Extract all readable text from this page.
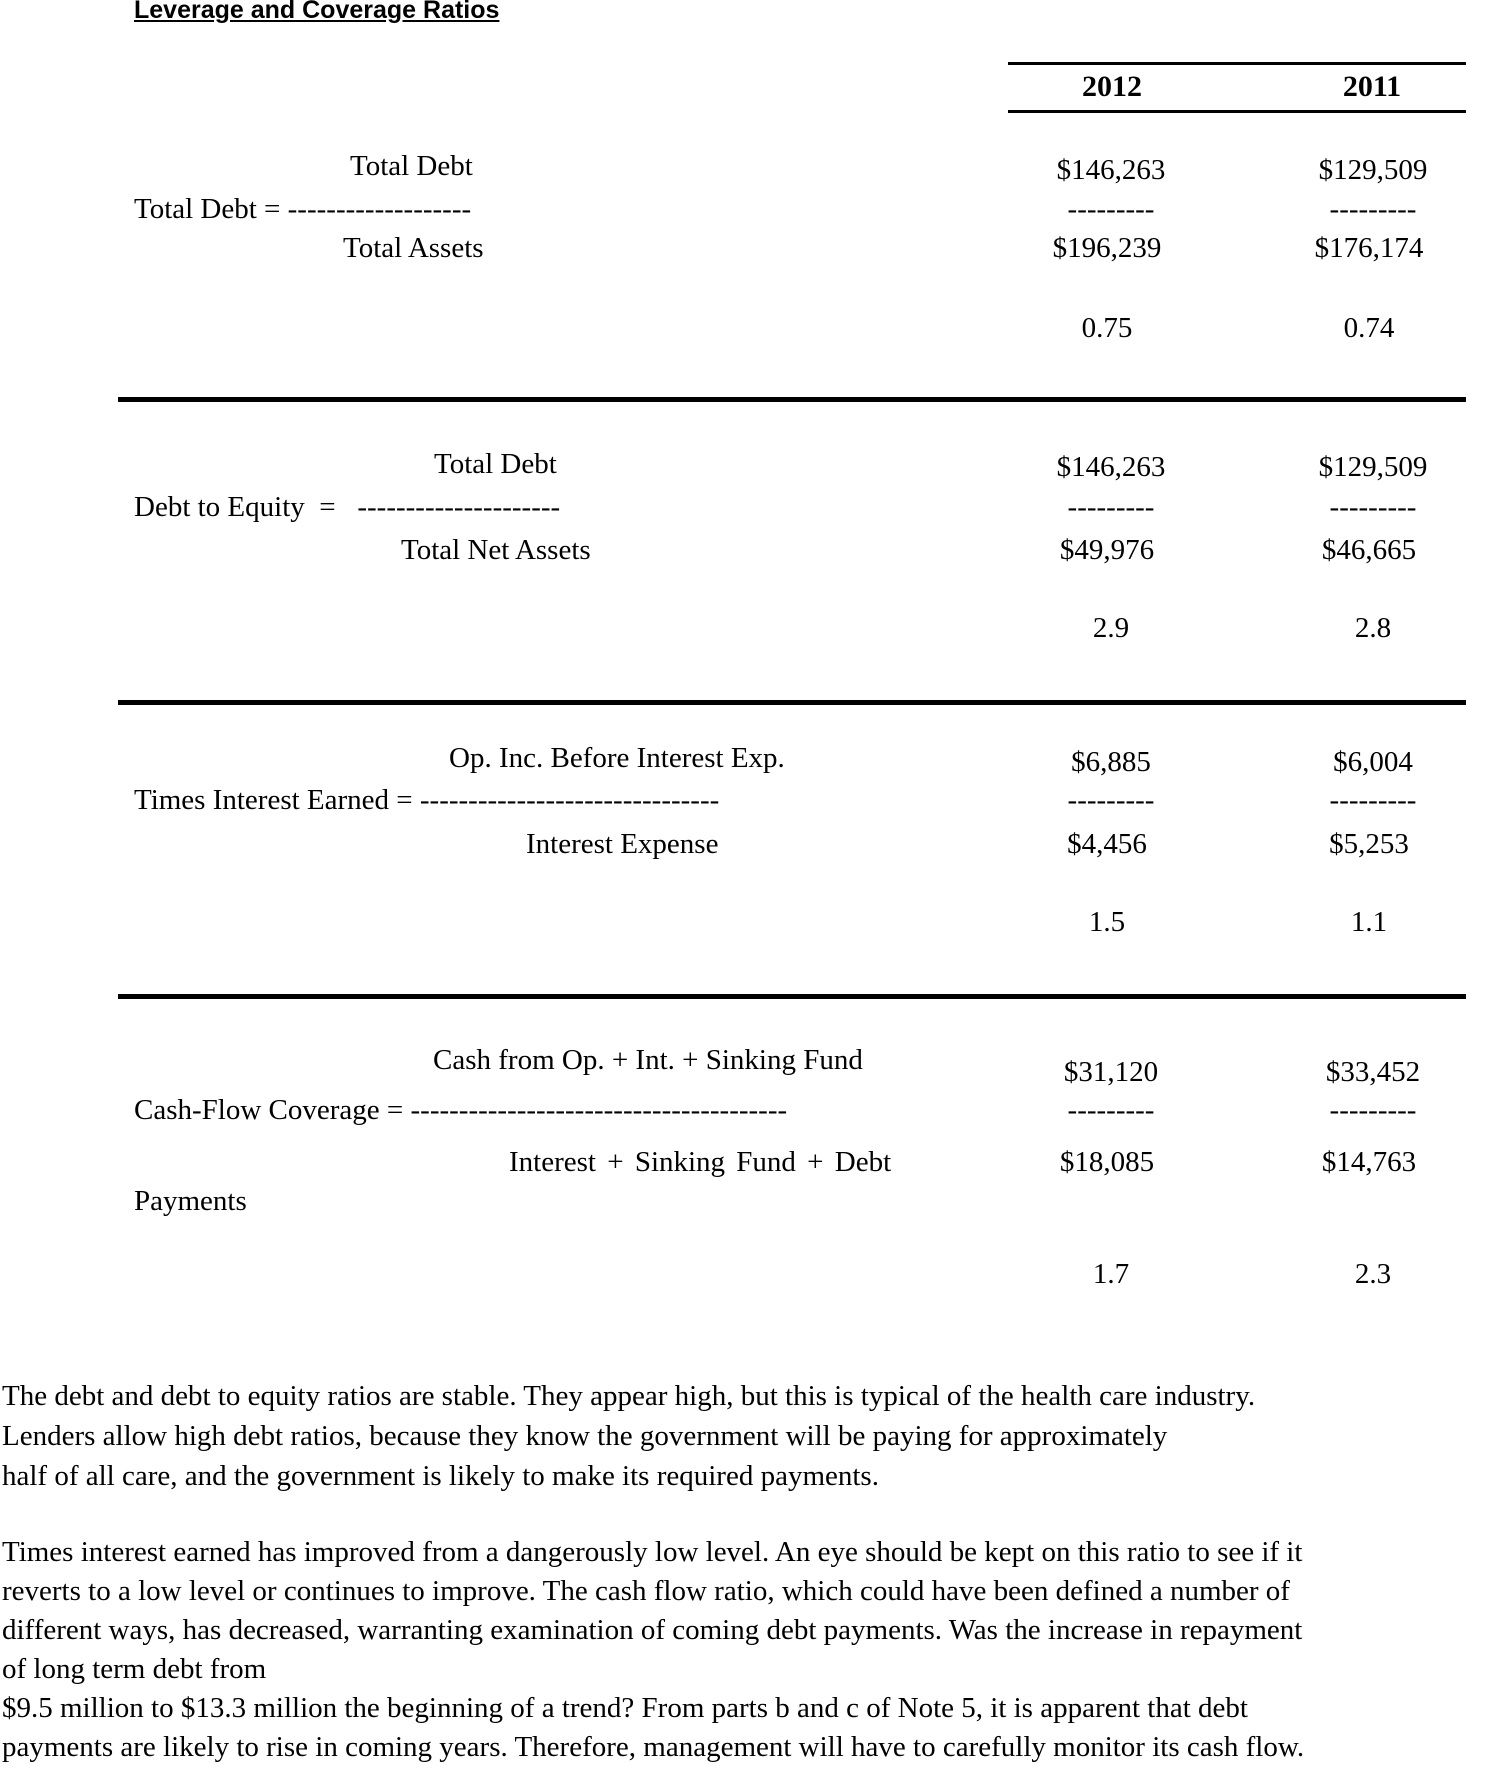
Leverage and Coverage Ratios
2012	2011
Total Debt
Total Debt = -------------------
Total Assets
$146,263
---------
$196,239
0.75
$129,509
---------
$176,174
0.74
Total Debt
Debt to Equity  =   ---------------------
Total Net Assets
$146,263
---------
$49,976
2.9
$129,509
---------
$46,665
2.8
Op. Inc. Before Interest Exp.
Times Interest Earned = -------------------------------
Interest Expense
$6,885
---------
$4,456
1.5
$6,004
---------
$5,253
1.1
Cash from Op. + Int. + Sinking Fund
Cash-Flow Coverage = ---------------------------------------
Interest + Sinking Fund + Debt
Payments
$31,120
---------
$18,085
1.7
$33,452
---------
$14,763
2.3
The debt and debt to equity ratios are stable. They appear high, but this is typical of the health care industry.
Lenders allow high debt ratios, because they know the government will be paying for approximately
half of all care, and the government is likely to make its required payments.
Times interest earned has improved from a dangerously low level. An eye should be kept on this ratio to see if it
reverts to a low level or continues to improve. The cash flow ratio, which could have been defined a number of
different ways, has decreased, warranting examination of coming debt payments. Was the increase in repayment
of long term debt from
$9.5 million to $13.3 million the beginning of a trend? From parts b and c of Note 5, it is apparent that debt
payments are likely to rise in coming years. Therefore, management will have to carefully monitor its cash flow.
